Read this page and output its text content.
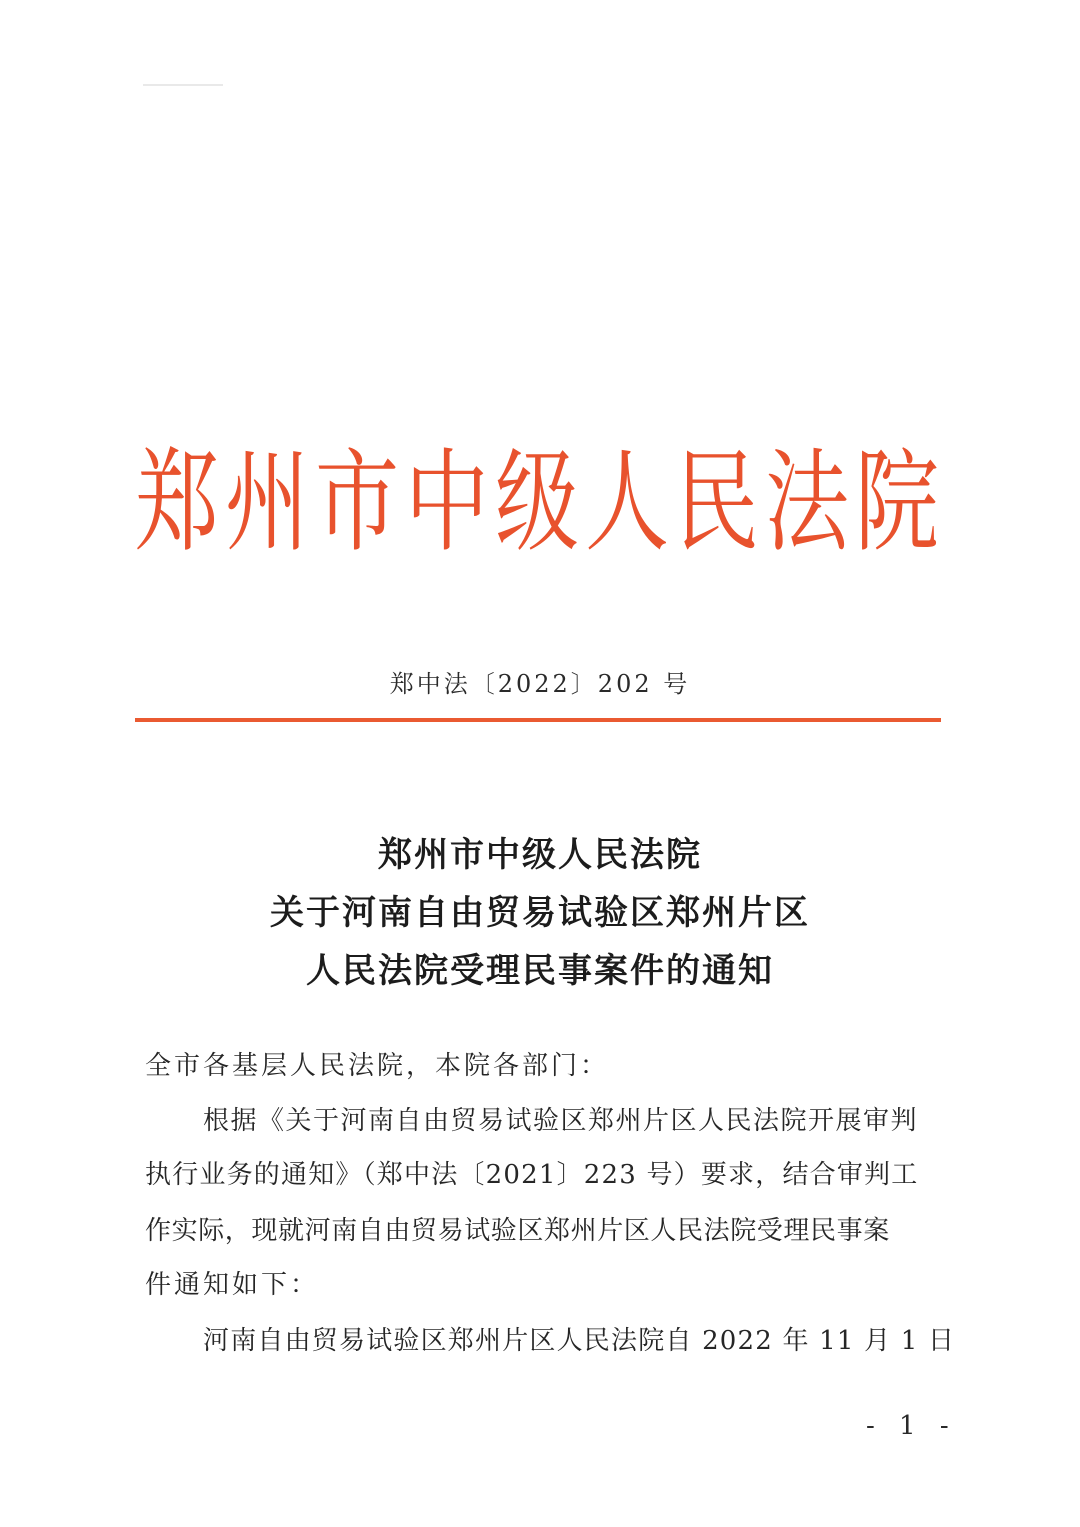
郑州市中级人民法院
郑中法〔2022〕202 号
郑州市中级人民法院
关于河南自由贸易试验区郑州片区
人民法院受理民事案件的通知
全市各基层人民法院，本院各部门：
根据《关于河南自由贸易试验区郑州片区人民法院开展审判
执行业务的通知》（郑中法〔2021〕223 号）要求，结合审判工
作实际，现就河南自由贸易试验区郑州片区人民法院受理民事案
件通知如下：
河南自由贸易试验区郑州片区人民法院自 2022 年 11 月 1 日
- 1 -
